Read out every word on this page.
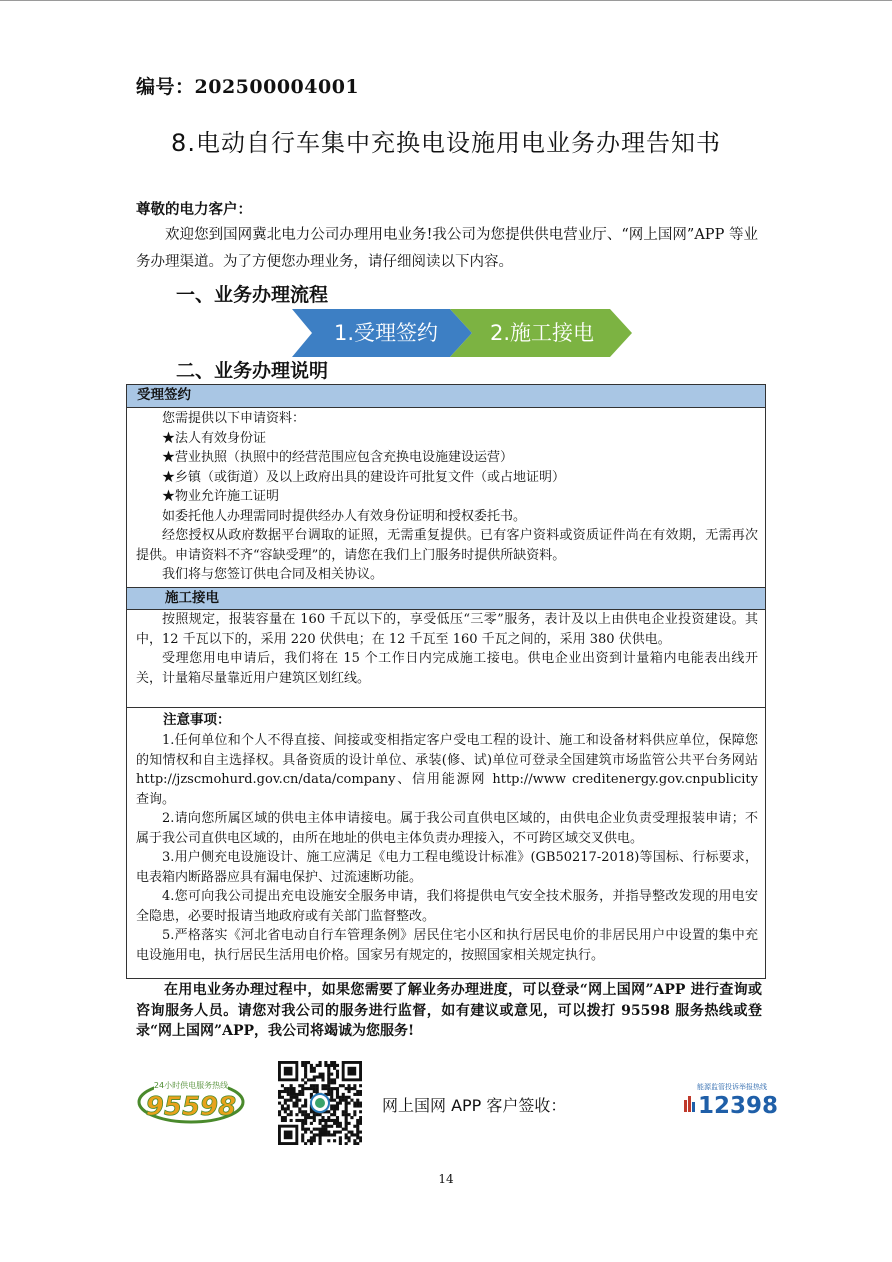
编号：202500004001
8.电动自行车集中充换电设施用电业务办理告知书
尊敬的电力客户：
欢迎您到国网冀北电力公司办理用电业务!我公司为您提供供电营业厅、“网上国网”APP 等业务办理渠道。为了方便您办理业务，请仔细阅读以下内容。
一、业务办理流程
1.受理签约	2.施工接电
二、业务办理说明
受理签约

您需提供以下申请资料：

★法人有效身份证

★营业执照（执照中的经营范围应包含充换电设施建设运营）

★乡镇（或街道）及以上政府出具的建设许可批复文件（或占地证明）

★物业允许施工证明

如委托他人办理需同时提供经办人有效身份证明和授权委托书。

经您授权从政府数据平台调取的证照，无需重复提供。已有客户资料或资质证件尚在有效期，无需再次提供。申请资料不齐“容缺受理”的，请您在我们上门服务时提供所缺资料。

我们将与您签订供电合同及相关协议。

施工接电

按照规定，报装容量在 160 千瓦以下的，享受低压“三零”服务，表计及以上由供电企业投资建设。其中，12 千瓦以下的，采用 220 伏供电；在 12 千瓦至 160 千瓦之间的，采用 380 伏供电。

受理您用电申请后，我们将在 15 个工作日内完成施工接电。供电企业出资到计量箱内电能表出线开关，计量箱尽量靠近用户建筑区划红线。

注意事项：

1.任何单位和个人不得直接、间接或变相指定客户受电工程的设计、施工和设备材料供应单位，保障您的知情权和自主选择权。具备资质的设计单位、承装(修、试)单位可登录全国建筑市场监管公共平台务网站 http://jzscmohurd.gov.cn/data/company、信用能源网 http://www creditenergy.gov.cnpublicity 查询。

2.请向您所属区域的供电主体申请接电。属于我公司直供电区域的，由供电企业负责受理报装申请；不属于我公司直供电区域的，由所在地址的供电主体负责办理接入，不可跨区域交叉供电。

3.用户侧充电设施设计、施工应满足《电力工程电缆设计标准》(GB50217-2018)等国标、行标要求，电表箱内断路器应具有漏电保护、过流速断功能。

4.您可向我公司提出充电设施安全服务申请，我们将提供电气安全技术服务，并指导整改发现的用电安全隐患，必要时报请当地政府或有关部门监督整改。

5.严格落实《河北省电动自行车管理条例》居民住宅小区和执行居民电价的非居民用户中设置的集中充电设施用电，执行居民生活用电价格。国家另有规定的，按照国家相关规定执行。

在用电业务办理过程中，如果您需要了解业务办理进度，可以登录“网上国网”APP 进行查询或咨询服务人员。请您对我公司的服务进行监督，如有建议或意见，可以拨打 95598 服务热线或登录“网上国网”APP，我公司将竭诚为您服务!
24小时供电服务热线
95598	网上国网 APP 客户签收：
能源监管投诉举报热线
12398
14
